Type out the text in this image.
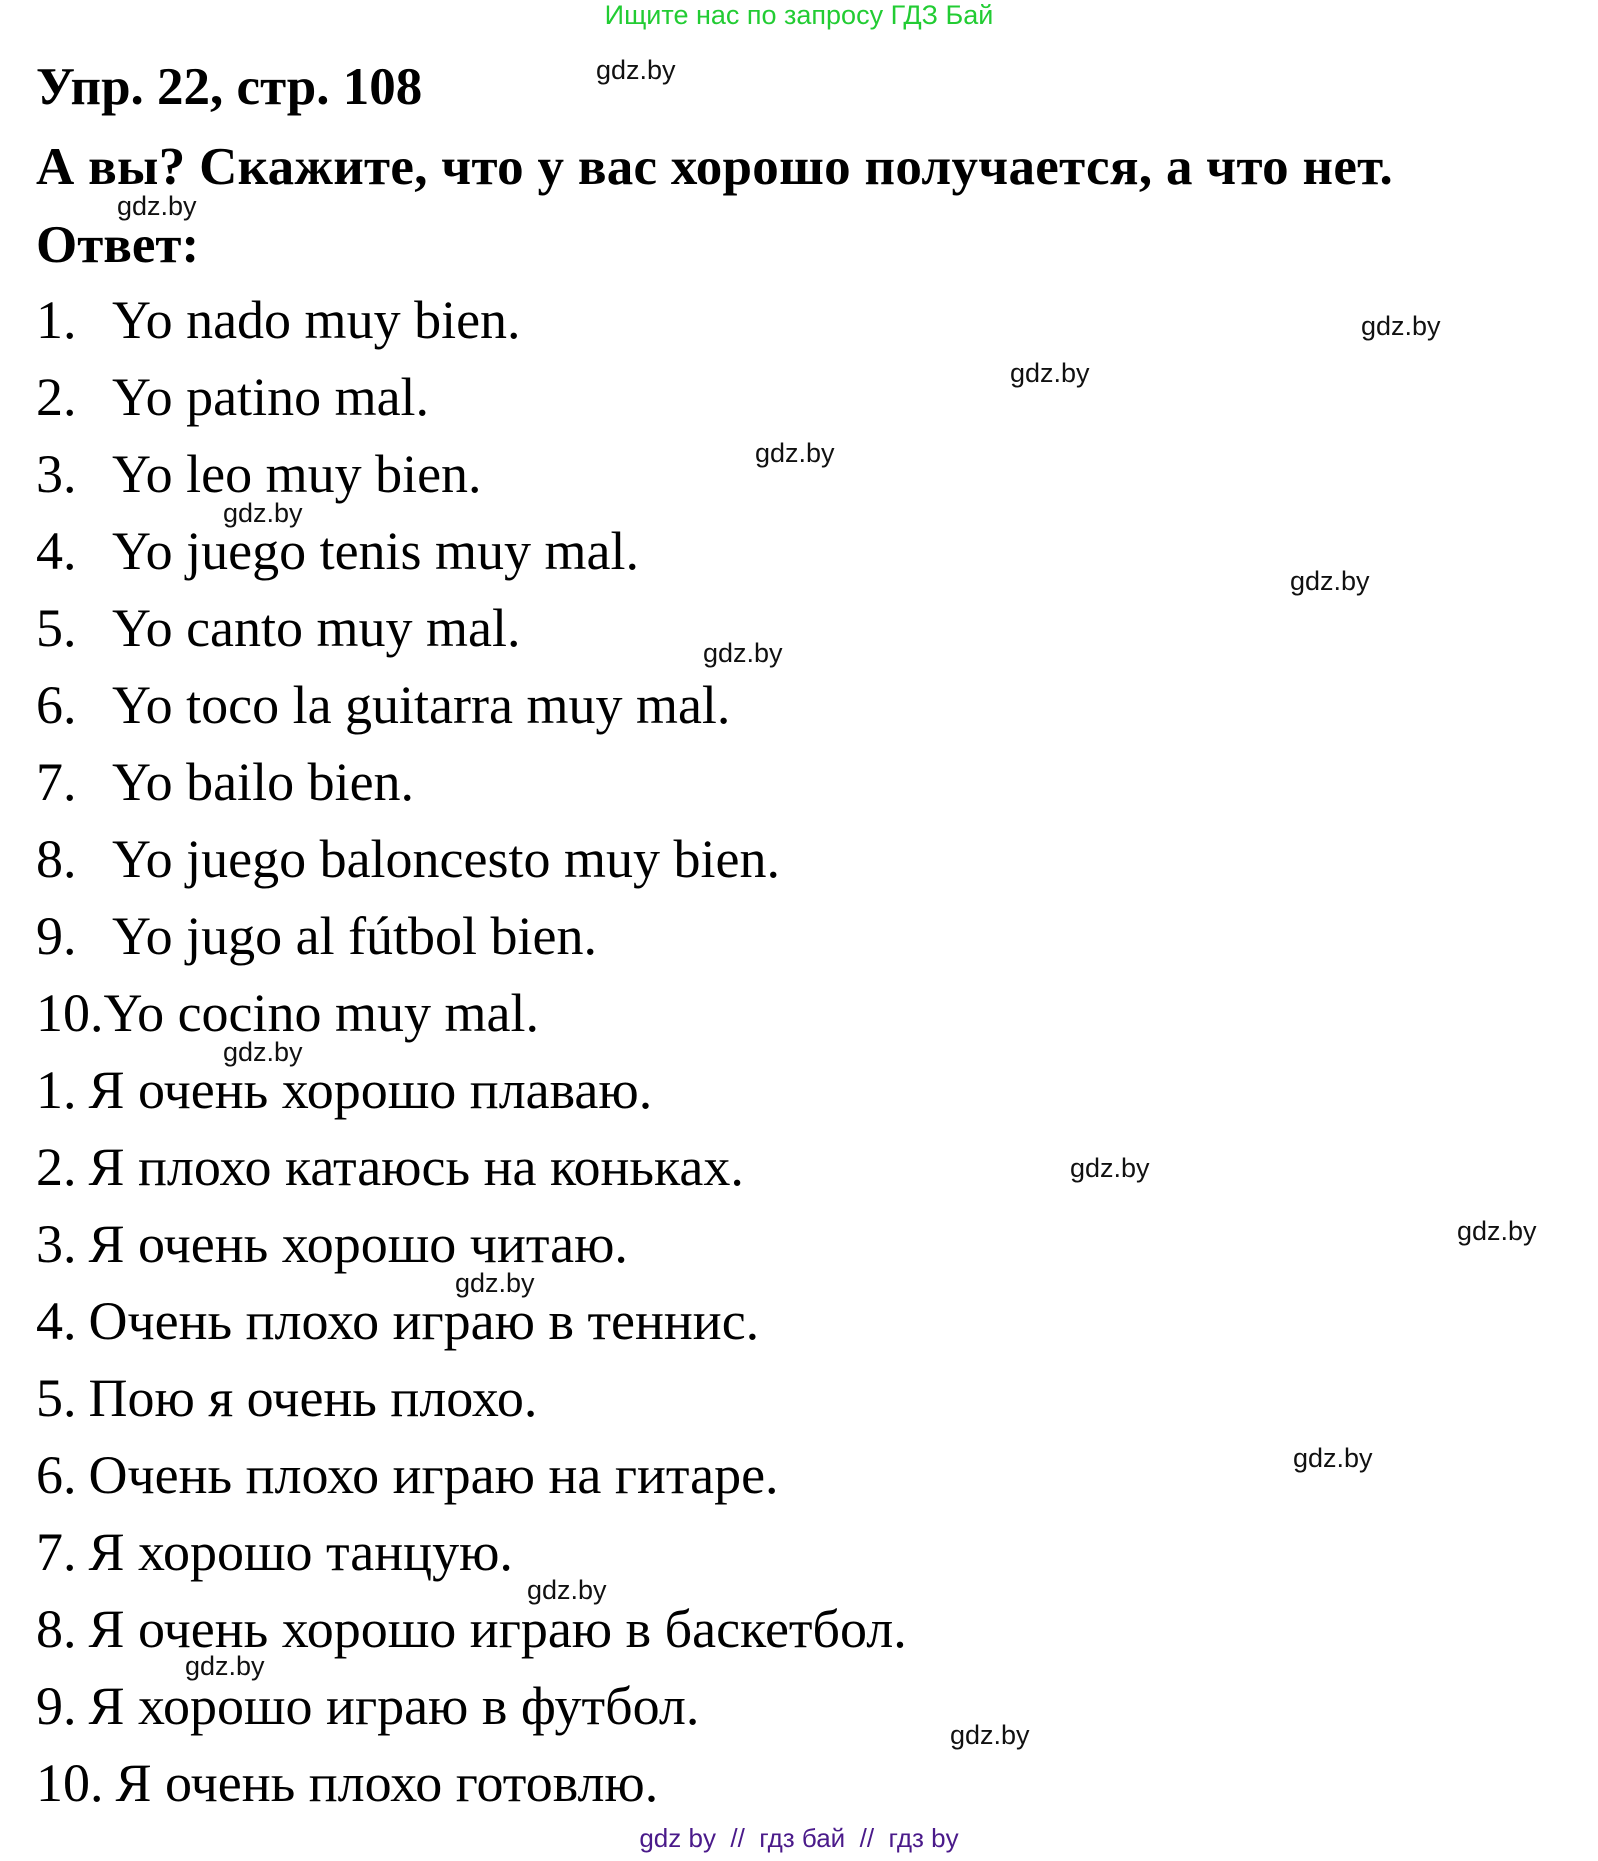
Ищите нас по запросу ГДЗ Бай
Упр. 22, стр. 108
А вы? Скажите, что у вас хорошо получается, а что нет.
Ответ:
1. Yo nado muy bien.
2. Yo patino mal.
3. Yo leo muy bien.
4. Yo juego tenis muy mal.
5. Yo canto muy mal.
6. Yo toco la guitarra muy mal.
7. Yo bailo bien.
8. Yo juego baloncesto muy bien.
9. Yo jugo al fútbol bien.
10.Yo cocino muy mal.
1. Я очень хорошо плаваю.
2. Я плохо катаюсь на коньках.
3. Я очень хорошо читаю.
4. Очень плохо играю в теннис.
5. Пою я очень плохо.
6. Очень плохо играю на гитаре.
7. Я хорошо танцую.
8. Я очень хорошо играю в баскетбол.
9. Я хорошо играю в футбол.
10. Я очень плохо готовлю.
gdz.by
gdz.by
gdz.by
gdz.by
gdz.by
gdz.by
gdz.by
gdz.by
gdz.by
gdz.by
gdz.by
gdz.by
gdz.by
gdz.by
gdz.by
gdz.by
gdz by  //  гдз бай  //  гдз by
